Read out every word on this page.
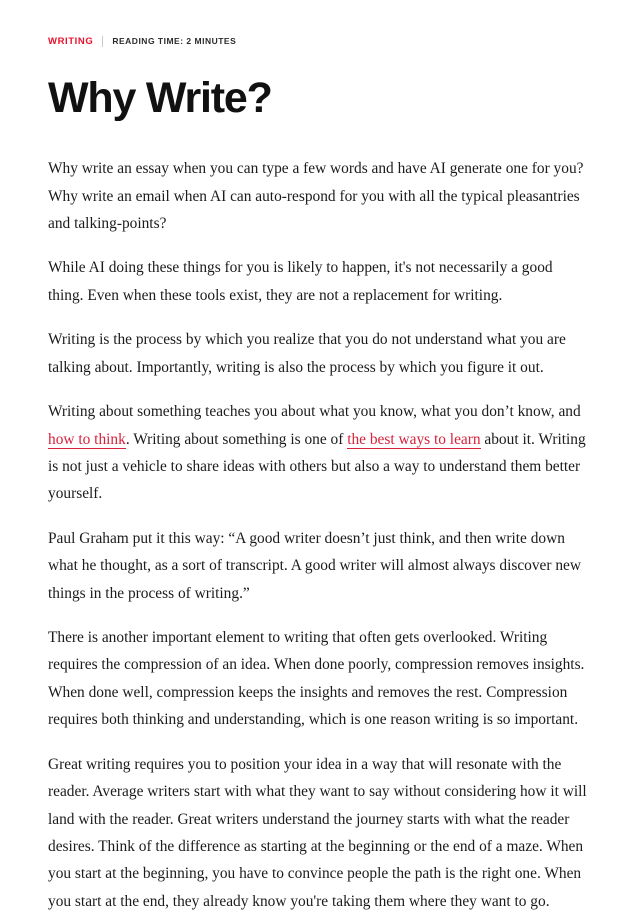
WRITING READING TIME: 2 MINUTES
Why Write?

Why write an essay when you can type a few words and have AI generate one for you? Why write an email when AI can auto-respond for you with all the typical pleasantries and talking-points?

While AI doing these things for you is likely to happen, it's not necessarily a good thing. Even when these tools exist, they are not a replacement for writing.

Writing is the process by which you realize that you do not understand what you are talking about. Importantly, writing is also the process by which you figure it out.

Writing about something teaches you about what you know, what you don’t know, and how to think. Writing about something is one of the best ways to learn about it. Writing is not just a vehicle to share ideas with others but also a way to understand them better yourself.

Paul Graham put it this way: “A good writer doesn’t just think, and then write down what he thought, as a sort of transcript. A good writer will almost always discover new things in the process of writing.”

There is another important element to writing that often gets overlooked. Writing requires the compression of an idea. When done poorly, compression removes insights. When done well, compression keeps the insights and removes the rest. Compression requires both thinking and understanding, which is one reason writing is so important.

Great writing requires you to position your idea in a way that will resonate with the reader. Average writers start with what they want to say without considering how it will land with the reader. Great writers understand the journey starts with what the reader desires. Think of the difference as starting at the beginning or the end of a maze. When you start at the beginning, you have to convince people the path is the right one. When you start at the end, they already know you're taking them where they want to go.
